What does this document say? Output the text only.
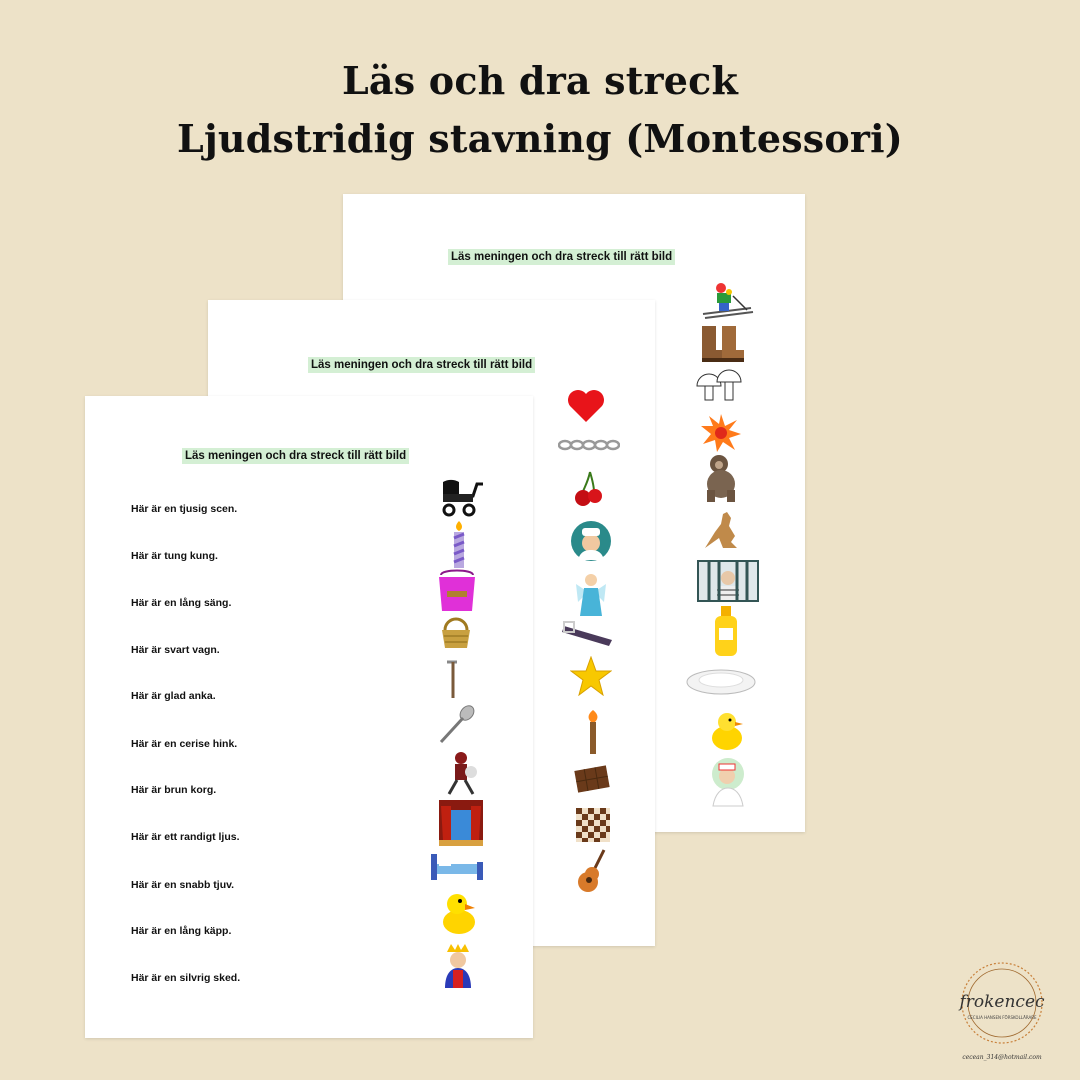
Läs och dra streck
Ljudstridig stavning (Montessori)
Läs meningen och dra streck till rätt bild
Läs meningen och dra streck till rätt bild
Läs meningen och dra streck till rätt bild
Här är en tjusig scen.
Här är tung kung.
Här är en lång säng.
Här är svart vagn.
Här är glad anka.
Här är en cerise hink.
Här är brun korg.
Här är ett randigt ljus.
Här är en snabb tjuv.
Här är en lång käpp.
Här är en silvrig sked.
frokencec
CECILIA HANSEN FÖRSKOLLÄRARE
cecean_314@hotmail.com
